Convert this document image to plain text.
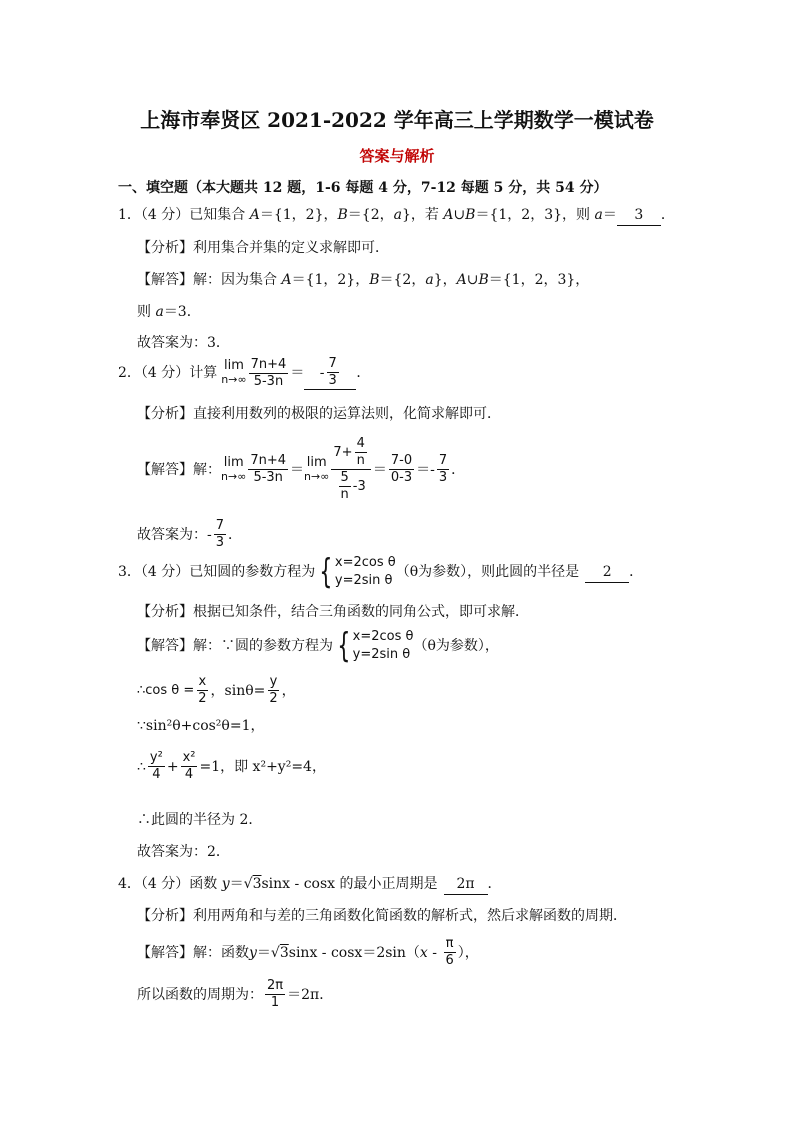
上海市奉贤区 2021-2022 学年高三上学期数学一模试卷
答案与解析
一、填空题（本大题共 12 题，1-6 每题 4 分，7-12 每题 5 分，共 54 分）
1．（4 分）已知集合 A＝{1，2}，B＝{2，a}，若 A∪B＝{1，2，3}，则 a＝ 3 ．
【分析】利用集合并集的定义求解即可．
【解答】解：因为集合 A＝{1，2}，B＝{2，a}，A∪B＝{1，2，3}，
则 a＝3．
故答案为：3．
2．（4 分）计算 lim
$n\to\infty \frac{7n+4}{5-3n}$ ＝ - $\frac{7}{3}$ ．
【分析】直接利用数列的极限的运算法则，化简求解即可．
【解答】解： lim
$n\to\infty \frac{7n+4}{5-3n} = \lim$
$n\to\infty \frac{7+ \frac{4}{n}}{\frac{5}{n} -3} = \frac{7-0}{0-3}$ ＝ - $\frac{7}{3}$ ．
故答案为： - $\frac{7}{3}$ ．
3．（4 分）已知圆的参数方程为 { x=2cos θ
y=2sin θ
（θ为参数），则此圆的半径是	2	．
【分析】根据已知条件，结合三角函数的同角公式，即可求解．
【解答】解：∵圆的参数方程为 { x=2cos θ
y=2sin θ
（θ为参数），
∴cos $\theta = \frac{x}{2}$ ，$\sin\theta= \frac{y}{2}$ ，
∵sin²θ+cos²θ=1，
∴ $\frac{\text{y²}}{4} + \frac{\text{x²}}{4} =1$，即 x²+y²=4，
∴此圆的半径为 2．
故答案为：2．
4．（4 分）函数 y＝√3sinx - cosx 的最小正周期是 2π ．
【分析】利用两角和与差的三角函数化简函数的解析式，然后求解函数的周期．
【解答】解：函数 y ＝ √ 3 sinx - cosx＝2sin（ x - $\frac{\pi}{6}$ ），
所以函数的周期为： $\frac{2\pi}{1} =2\pi$．
